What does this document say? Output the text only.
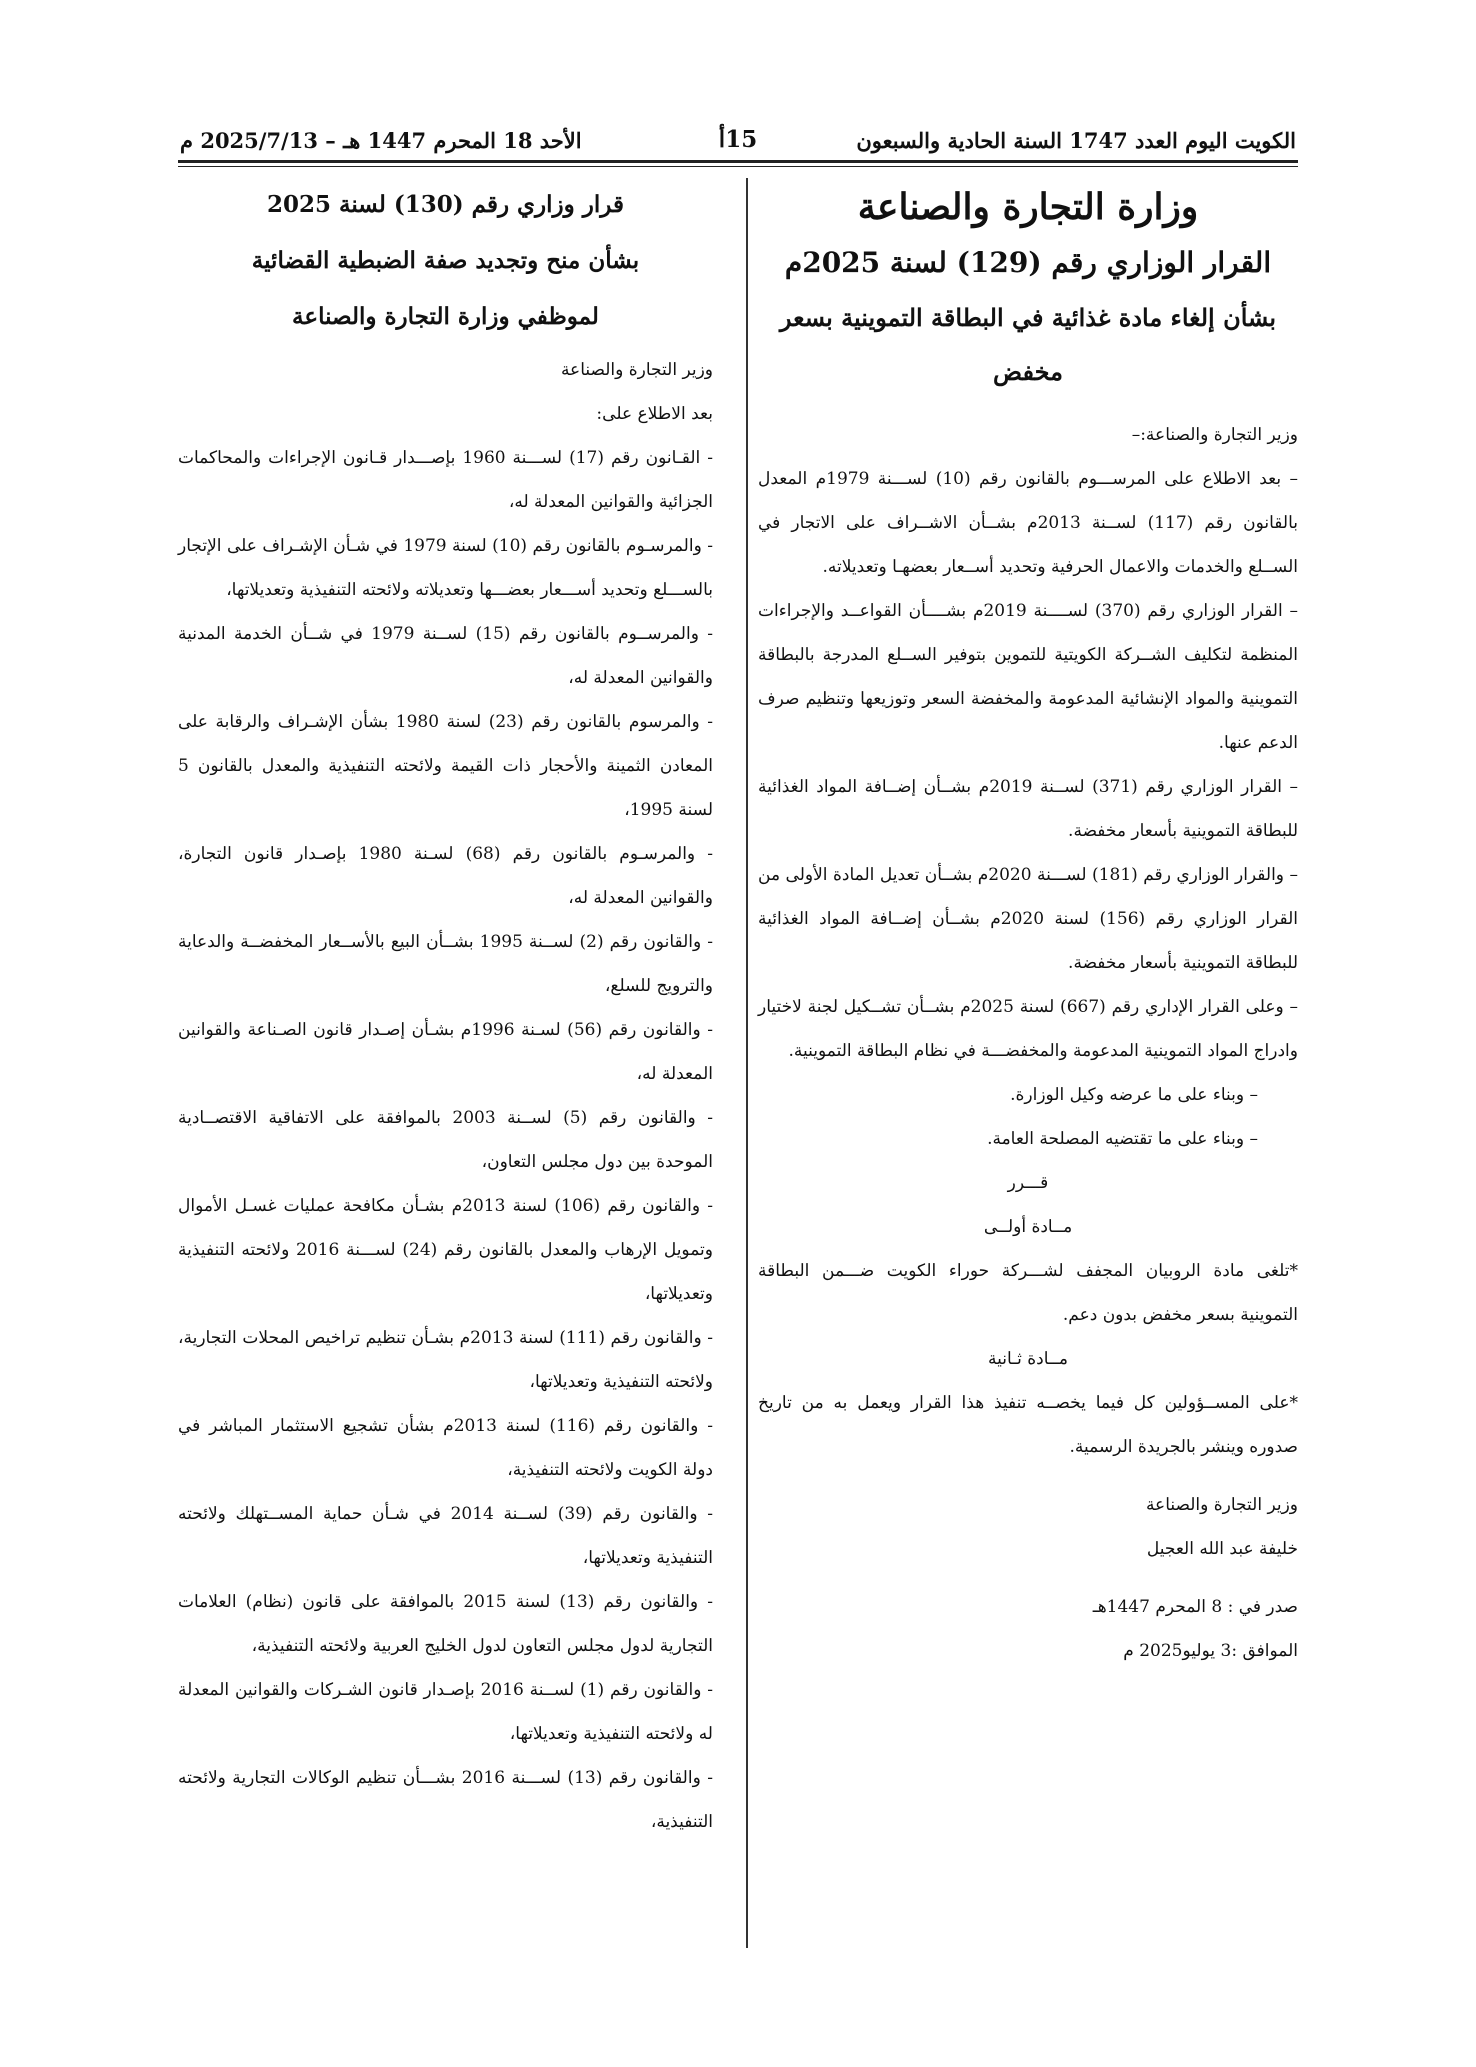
الكويت اليوم العدد 1747 السنة الحادية والسبعون
15أ
الأحد 18 المحرم 1447 هـ – 2025/7/13 م
وزارة التجارة والصناعة
القرار الوزاري رقم (129) لسنة 2025م
بشأن إلغاء مادة غذائية في البطاقة التموينية بسعر مخفض

وزير التجارة والصناعة:–

– بعد الاطلاع على المرســـوم بالقانون رقم (10) لســـنة 1979م المعدل بالقانون رقم (117) لســنة 2013م بشــأن الاشــراف على الاتجار في الســلع والخدمات والاعمال الحرفية وتحديد أســعار بعضهـا وتعديلاته.

– القرار الوزاري رقم (370) لســــنة 2019م بشــــأن القواعــد والإجراءات المنظمة لتكليف الشــركة الكويتية للتموين بتوفير الســلع المدرجة بالبطاقة التموينية والمواد الإنشائية المدعومة والمخفضة السعر وتوزيعها وتنظيم صرف الدعم عنها.

– القرار الوزاري رقم (371) لســنة 2019م بشــأن إضــافة المواد الغذائية للبطاقة التموينية بأسعار مخفضة.

– والقرار الوزاري رقم (181) لســـنة 2020م بشــأن تعديل المادة الأولى من القرار الوزاري رقم (156) لسنة 2020م بشــأن إضــافة المواد الغذائية للبطاقة التموينية بأسعار مخفضة.

– وعلى القرار الإداري رقم (667) لسنة 2025م بشــأن تشــكيل لجنة لاختيار وادراج المواد التموينية المدعومة والمخفضـــة في نظام البطاقة التموينية.

– وبناء على ما عرضه وكيل الوزارة.

– وبناء على ما تقتضيه المصلحة العامة.

قـــرر

مــادة أولــى

*تلغى مادة الروبيان المجفف لشـــركة حوراء الكويت ضـــمن البطاقة التموينية بسعر مخفض بدون دعم.

مــادة ثـانية

*على المســؤولين كل فيما يخصــه تنفيذ هذا القرار ويعمل به من تاريخ صدوره وينشر بالجريدة الرسمية.

وزير التجارة والصناعة

خليفة عبد الله العجيل

صدر في : 8 المحرم 1447هـ

الموافق :3 يوليو2025 م

قرار وزاري رقم (130) لسنة 2025
بشأن منح وتجديد صفة الضبطية القضائية
لموظفي وزارة التجارة والصناعة

وزير التجارة والصناعة

بعد الاطلاع على:

- القـانون رقم (17) لســـنة 1960 بإصـــدار قـانون الإجراءات والمحاكمات الجزائية والقوانين المعدلة له،

- والمرسـوم بالقانون رقم (10) لسنة 1979 في شـأن الإشـراف على الإتجار بالســـلع وتحديد أســـعار بعضـــها وتعديلاته ولائحته التنفيذية وتعديلاتها،

- والمرســوم بالقانون رقم (15) لســنة 1979 في شــأن الخدمة المدنية والقوانين المعدلة له،

- والمرسوم بالقانون رقم (23) لسنة 1980 بشأن الإشـراف والرقابة على المعادن الثمينة والأحجار ذات القيمة ولائحته التنفيذية والمعدل بالقانون 5 لسنة 1995،

- والمرسـوم بالقانون رقم (68) لسـنة 1980 بإصـدار قانون التجارة، والقوانين المعدلة له،

- والقانون رقم (2) لســنة 1995 بشــأن البيع بالأســعار المخفضــة والدعاية والترويج للسلع،

- والقانون رقم (56) لسـنة 1996م بشـأن إصـدار قانون الصـناعة والقوانين المعدلة له،

- والقانون رقم (5) لســنة 2003 بالموافقة على الاتفاقية الاقتصــادية الموحدة بين دول مجلس التعاون،

- والقانون رقم (106) لسنة 2013م بشـأن مكافحة عمليات غسـل الأموال وتمويل الإرهاب والمعدل بالقانون رقم (24) لســـنة 2016 ولائحته التنفيذية وتعديلاتها،

- والقانون رقم (111) لسنة 2013م بشـأن تنظيم تراخيص المحلات التجارية، ولائحته التنفيذية وتعديلاتها،

- والقانون رقم (116) لسنة 2013م بشأن تشجيع الاستثمار المباشر في دولة الكويت ولائحته التنفيذية،

- والقانون رقم (39) لســنة 2014 في شـأن حماية المســتهلك ولائحته التنفيذية وتعديلاتها،

- والقانون رقم (13) لسنة 2015 بالموافقة على قانون (نظام) العلامات التجارية لدول مجلس التعاون لدول الخليج العربية ولائحته التنفيذية،

- والقانون رقم (1) لســنة 2016 بإصـدار قانون الشـركات والقوانين المعدلة له ولائحته التنفيذية وتعديلاتها،

- والقانون رقم (13) لســـنة 2016 بشـــأن تنظيم الوكالات التجارية ولائحته التنفيذية،
